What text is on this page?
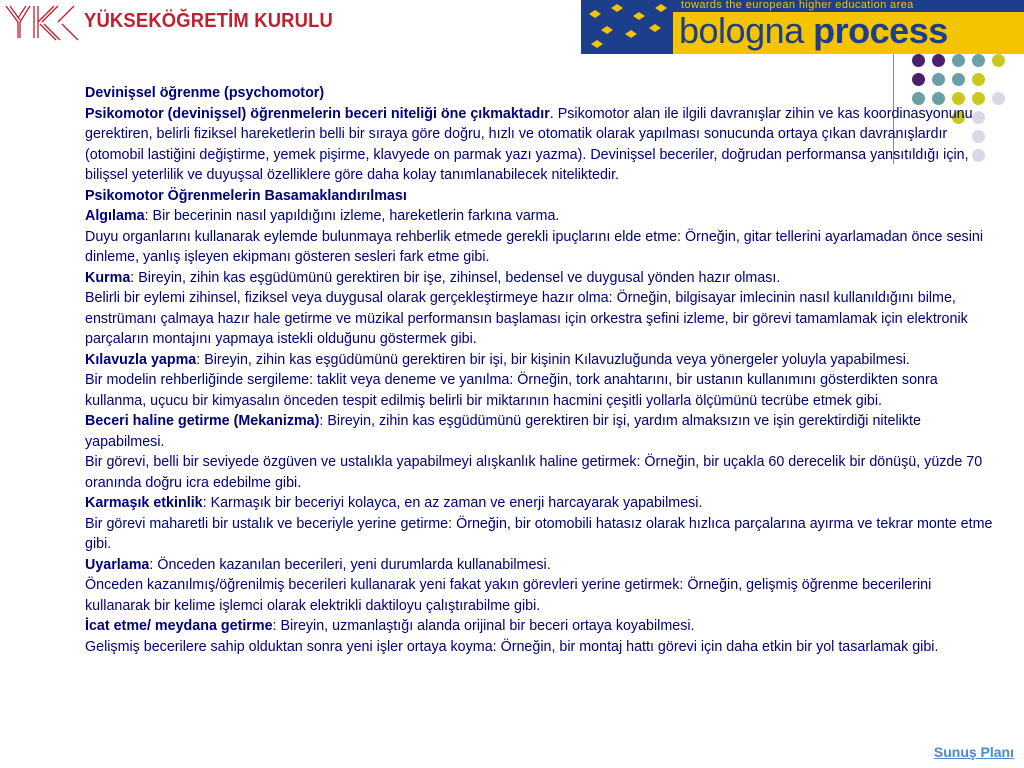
YÜKSEKÖĞRETİM KURULU
towards the european higher education area
bologna process

Devinişsel öğrenme (psychomotor)

Psikomotor (devinişsel) öğrenmelerin beceri niteliği öne çıkmaktadır. Psikomotor alan ile ilgili davranışlar zihin ve kas koordinasyonunu gerektiren, belirli fiziksel hareketlerin belli bir sıraya göre doğru, hızlı ve otomatik olarak yapılması sonucunda ortaya çıkan davranışlardır (otomobil lastiğini değiştirme, yemek pişirme, klavyede on parmak yazı yazma). Devinişsel beceriler, doğrudan performansa yansıtıldığı için, bilişsel yeterlilik ve duyuşsal özelliklere göre daha kolay tanımlanabilecek niteliktedir.

Psikomotor Öğrenmelerin Basamaklandırılması

Algılama: Bir becerinin nasıl yapıldığını izleme, hareketlerin farkına varma.

Duyu organlarını kullanarak eylemde bulunmaya rehberlik etmede gerekli ipuçlarını elde etme: Örneğin, gitar tellerini ayarlamadan önce sesini dinleme, yanlış işleyen ekipmanı gösteren sesleri fark etme gibi.

Kurma: Bireyin, zihin kas eşgüdümünü gerektiren bir işe, zihinsel, bedensel ve duygusal yönden hazır olması.

Belirli bir eylemi zihinsel, fiziksel veya duygusal olarak gerçekleştirmeye hazır olma: Örneğin, bilgisayar imlecinin nasıl kullanıldığını bilme, enstrümanı çalmaya hazır hale getirme ve müzikal performansın başlaması için orkestra şefini izleme, bir görevi tamamlamak için elektronik parçaların montajını yapmaya istekli olduğunu göstermek gibi.

Kılavuzla yapma: Bireyin, zihin kas eşgüdümünü gerektiren bir işi, bir kişinin Kılavuzluğunda veya yönergeler yoluyla yapabilmesi.

Bir modelin rehberliğinde sergileme: taklit veya deneme ve yanılma: Örneğin, tork anahtarını, bir ustanın kullanımını gösterdikten sonra kullanma, uçucu bir kimyasalın önceden tespit edilmiş belirli bir miktarının hacmini çeşitli yollarla ölçümünü tecrübe etmek gibi.

Beceri haline getirme (Mekanizma): Bireyin, zihin kas eşgüdümünü gerektiren bir işi, yardım almaksızın ve işin gerektirdiği nitelikte yapabilmesi.

Bir görevi, belli bir seviyede özgüven ve ustalıkla yapabilmeyi alışkanlık haline getirmek: Örneğin, bir uçakla 60 derecelik bir dönüşü, yüzde 70 oranında doğru icra edebilme gibi.

Karmaşık etkinlik: Karmaşık bir beceriyi kolayca, en az zaman ve enerji harcayarak yapabilmesi.

Bir görevi maharetli bir ustalık ve beceriyle yerine getirme: Örneğin, bir otomobili hatasız olarak hızlıca parçalarına ayırma ve tekrar monte etme gibi.

Uyarlama: Önceden kazanılan becerileri, yeni durumlarda kullanabilmesi.

Önceden kazanılmış/öğrenilmiş becerileri kullanarak yeni fakat yakın görevleri yerine getirmek: Örneğin, gelişmiş öğrenme becerilerini kullanarak bir kelime işlemci olarak elektrikli daktiloyu çalıştırabilme gibi.

İcat etme/ meydana getirme: Bireyin, uzmanlaştığı alanda orijinal bir beceri ortaya koyabilmesi.

Gelişmiş becerilere sahip olduktan sonra yeni işler ortaya koyma: Örneğin, bir montaj hattı görevi için daha etkin bir yol tasarlamak gibi.

Sunuş Planı
